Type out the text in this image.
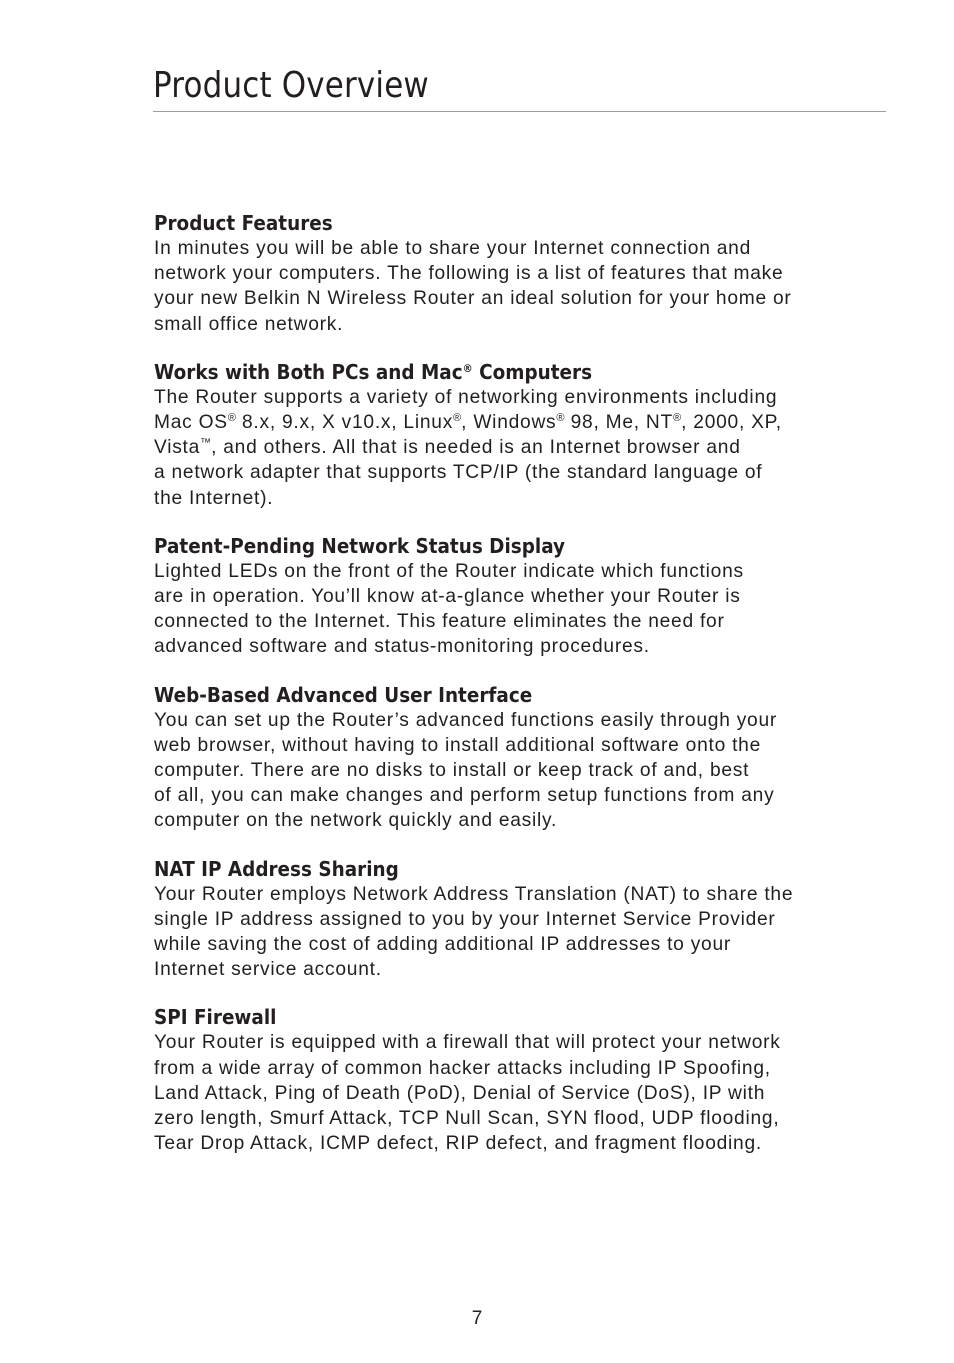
Product Overview
Product Features

In minutes you will be able to share your Internet connection and
network your computers. The following is a list of features that make
your new Belkin N Wireless Router an ideal solution for your home or
small office network.

Works with Both PCs and Mac® Computers

The Router supports a variety of networking environments including
Mac OS® 8.x, 9.x, X v10.x, Linux®, Windows® 98, Me, NT®, 2000, XP,
Vista™, and others. All that is needed is an Internet browser and
a network adapter that supports TCP/IP (the standard language of
the Internet).

Patent-Pending Network Status Display

Lighted LEDs on the front of the Router indicate which functions
are in operation. You’ll know at-a-glance whether your Router is
connected to the Internet. This feature eliminates the need for
advanced software and status-monitoring procedures.

Web-Based Advanced User Interface

You can set up the Router’s advanced functions easily through your
web browser, without having to install additional software onto the
computer. There are no disks to install or keep track of and, best
of all, you can make changes and perform setup functions from any
computer on the network quickly and easily.

NAT IP Address Sharing

Your Router employs Network Address Translation (NAT) to share the
single IP address assigned to you by your Internet Service Provider
while saving the cost of adding additional IP addresses to your
Internet service account.

SPI Firewall

Your Router is equipped with a firewall that will protect your network
from a wide array of common hacker attacks including IP Spoofing,
Land Attack, Ping of Death (PoD), Denial of Service (DoS), IP with
zero length, Smurf Attack, TCP Null Scan, SYN flood, UDP flooding,
Tear Drop Attack, ICMP defect, RIP defect, and fragment flooding.

7
